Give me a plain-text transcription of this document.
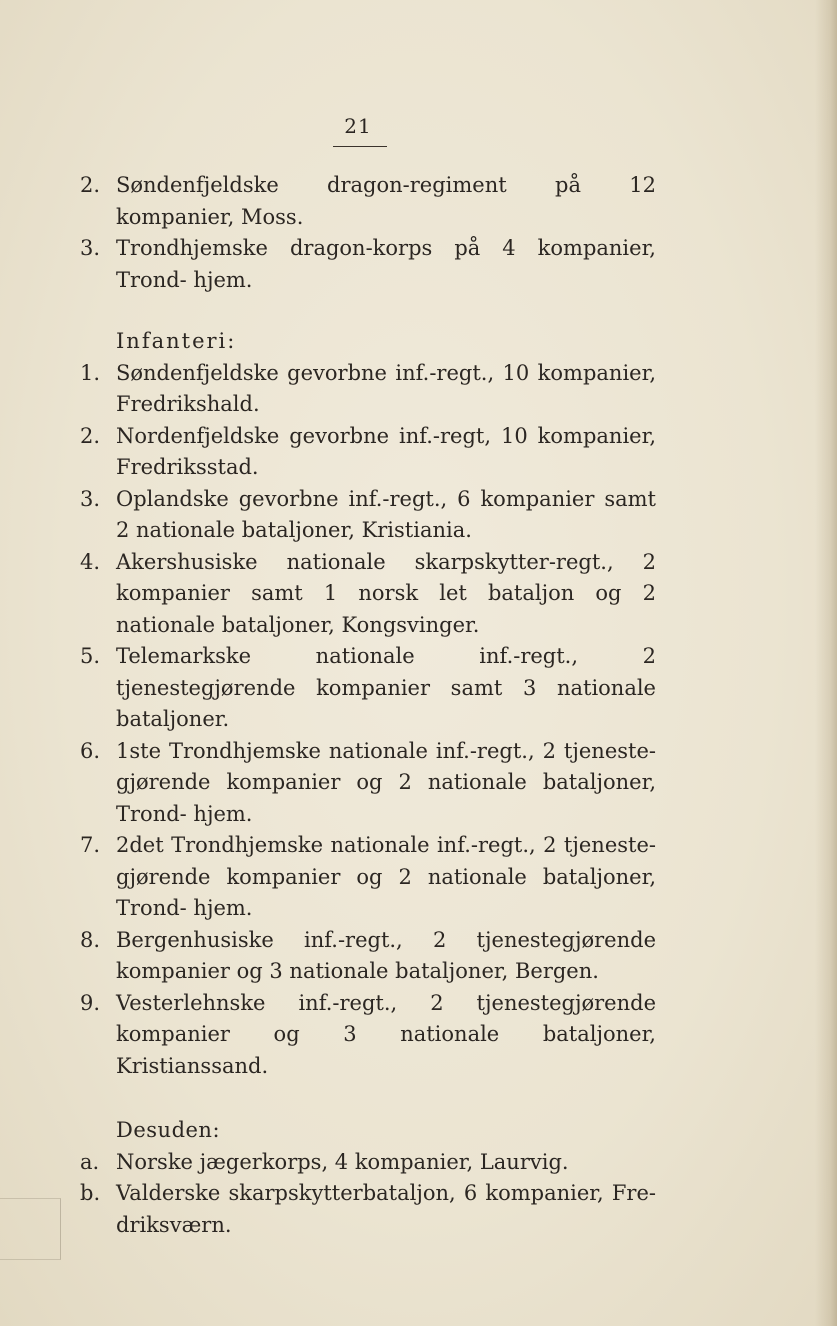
21
2. Søndenfjeldske dragon-regiment på 12 kompanier, Moss.
3. Trondhjemske dragon-korps på 4 kompanier, Trond- hjem.
Infanteri:
1. Søndenfjeldske gevorbne inf.-regt., 10 kompanier, Fredrikshald.
2. Nordenfjeldske gevorbne inf.-regt, 10 kompanier, Fredriksstad.
3. Oplandske gevorbne inf.-regt., 6 kompanier samt 2 nationale bataljoner, Kristiania.
4. Akershusiske nationale skarpskytter-regt., 2 kompanier samt 1 norsk let bataljon og 2 nationale bataljoner, Kongsvinger.
5. Telemarkske nationale inf.-regt., 2 tjenestegjørende kompanier samt 3 nationale bataljoner.
6. 1ste Trondhjemske nationale inf.-regt., 2 tjeneste- gjørende kompanier og 2 nationale bataljoner, Trond- hjem.
7. 2det Trondhjemske nationale inf.-regt., 2 tjeneste- gjørende kompanier og 2 nationale bataljoner, Trond- hjem.
8. Bergenhusiske inf.-regt., 2 tjenestegjørende kompanier og 3 nationale bataljoner, Bergen.
9. Vesterlehnske inf.-regt., 2 tjenestegjørende kompanier og 3 nationale bataljoner, Kristianssand.
Desuden:
a. Norske jægerkorps, 4 kompanier, Laurvig.
b. Valderske skarpskytterbataljon, 6 kompanier, Fre- driksværn.
